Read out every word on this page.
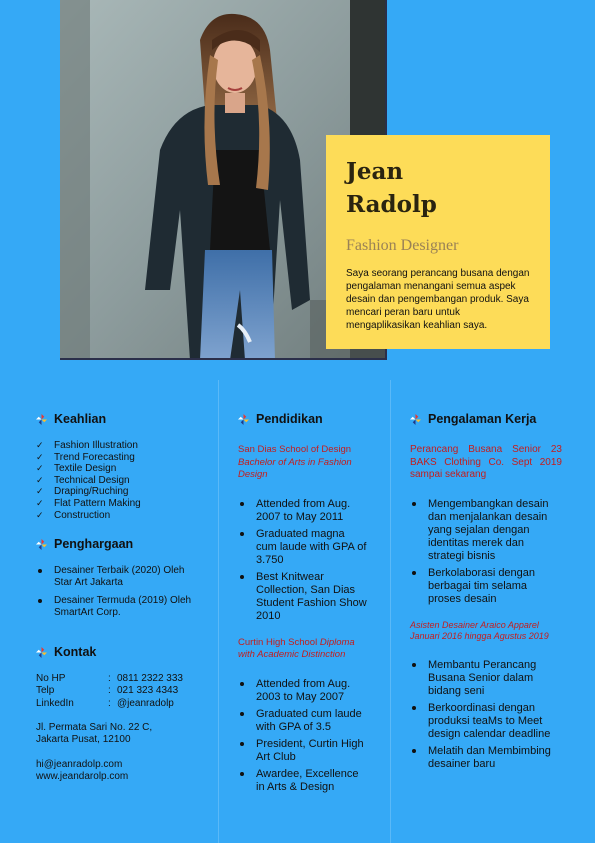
Jean
Radolp
Fashion Designer
Saya seorang perancang busana dengan pengalaman menangani semua aspek desain dan pengembangan produk. Saya mencari peran baru untuk mengaplikasikan keahlian saya.
Keahlian
✓ Fashion Illustration
✓ Trend Forecasting
✓ Textile Design
✓ Technical Design
✓ Draping/Ruching
✓ Flat Pattern Making
✓ Construction
Penghargaan
Desainer Terbaik (2020) Oleh Star Art Jakarta
Desainer Termuda (2019) Oleh SmartArt Corp.
Kontak
No HP	: 0811 2322 333
Telp	: 021 323 4343
LinkedIn	: @jeanradolp
Jl. Permata Sari No. 22 C,
Jakarta Pusat, 12100
hi@jeanradolp.com
www.jeandarolp.com
Pendidikan
San Dias School of Design
Bachelor of Arts in Fashion Design
Attended from Aug. 2007 to May 2011
Graduated magna cum laude with GPA of 3.750
Best Knitwear Collection, San Dias Student Fashion Show 2010
Curtin High School Diploma with Academic Distinction
Attended from Aug. 2003 to May 2007
Graduated cum laude with GPA of 3.5
President, Curtin High Art Club
Awardee, Excellence in Arts & Design
Pengalaman Kerja
Perancang Busana Senior 23 BAKS Clothing Co. Sept 2019 sampai sekarang
Mengembangkan desain dan menjalankan desain yang sejalan dengan identitas merek dan strategi bisnis
Berkolaborasi dengan berbagai tim selama proses desain
Asisten Desainer Araico Apparel Januari 2016 hingga Agustus 2019
Membantu Perancang Busana Senior dalam bidang seni
Berkoordinasi dengan produksi teaMs to Meet design calendar deadline
Melatih dan Membimbing desainer baru
